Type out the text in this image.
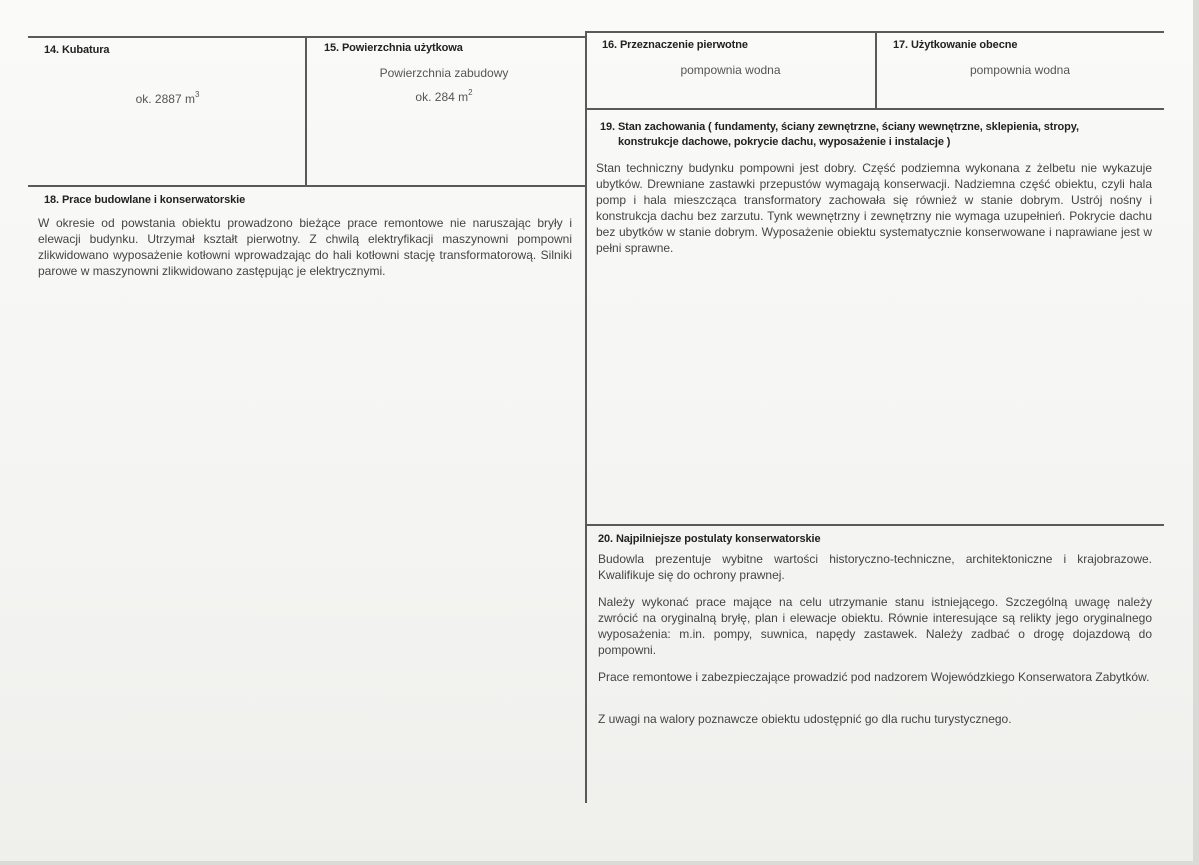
14. Kubatura
ok. 2887 $m^3$
15. Powierzchnia użytkowa
Powierzchnia zabudowy
ok. 284 $m^2$
16. Przeznaczenie pierwotne
pompownia wodna
17. Użytkowanie obecne
pompownia wodna
18. Prace budowlane i konserwatorskie

W okresie od powstania obiektu prowadzono bieżące prace remontowe nie naruszając bryły i elewacji budynku. Utrzymał kształt pierwotny. Z chwilą elektryfikacji maszynowni pompowni zlikwidowano wyposażenie kotłowni wprowadzając do hali kotłowni stację transformatorową. Silniki parowe w maszynowni zlikwidowano zastępując je elektrycznymi.

19. Stan zachowania ( fundamenty, ściany zewnętrzne, ściany wewnętrzne, sklepienia, stropy,
konstrukcje dachowe, pokrycie dachu, wyposażenie i instalacje )

Stan techniczny budynku pompowni jest dobry. Część podziemna wykonana z żelbetu nie wykazuje ubytków. Drewniane zastawki przepustów wymagają konserwacji. Nadziemna część obiektu, czyli hala pomp i hala mieszcząca transformatory zachowała się również w stanie dobrym. Ustrój nośny i konstrukcja dachu bez zarzutu. Tynk wewnętrzny i zewnętrzny nie wymaga uzupełnień. Pokrycie dachu bez ubytków w stanie dobrym. Wyposażenie obiektu systematycznie konserwowane i naprawiane jest w pełni sprawne.

20. Najpilniejsze postulaty konserwatorskie

Budowla prezentuje wybitne wartości historyczno-techniczne, architektoniczne i krajobrazowe. Kwalifikuje się do ochrony prawnej.

Należy wykonać prace mające na celu utrzymanie stanu istniejącego. Szczególną uwagę należy zwrócić na oryginalną bryłę, plan i elewacje obiektu. Równie interesujące są relikty jego oryginalnego wyposażenia: m.in. pompy, suwnica, napędy zastawek. Należy zadbać o drogę dojazdową do pompowni.

Prace remontowe i zabezpieczające prowadzić pod nadzorem Wojewódzkiego Konserwatora Zabytków.

Z uwagi na walory poznawcze obiektu udostępnić go dla ruchu turystycznego.
